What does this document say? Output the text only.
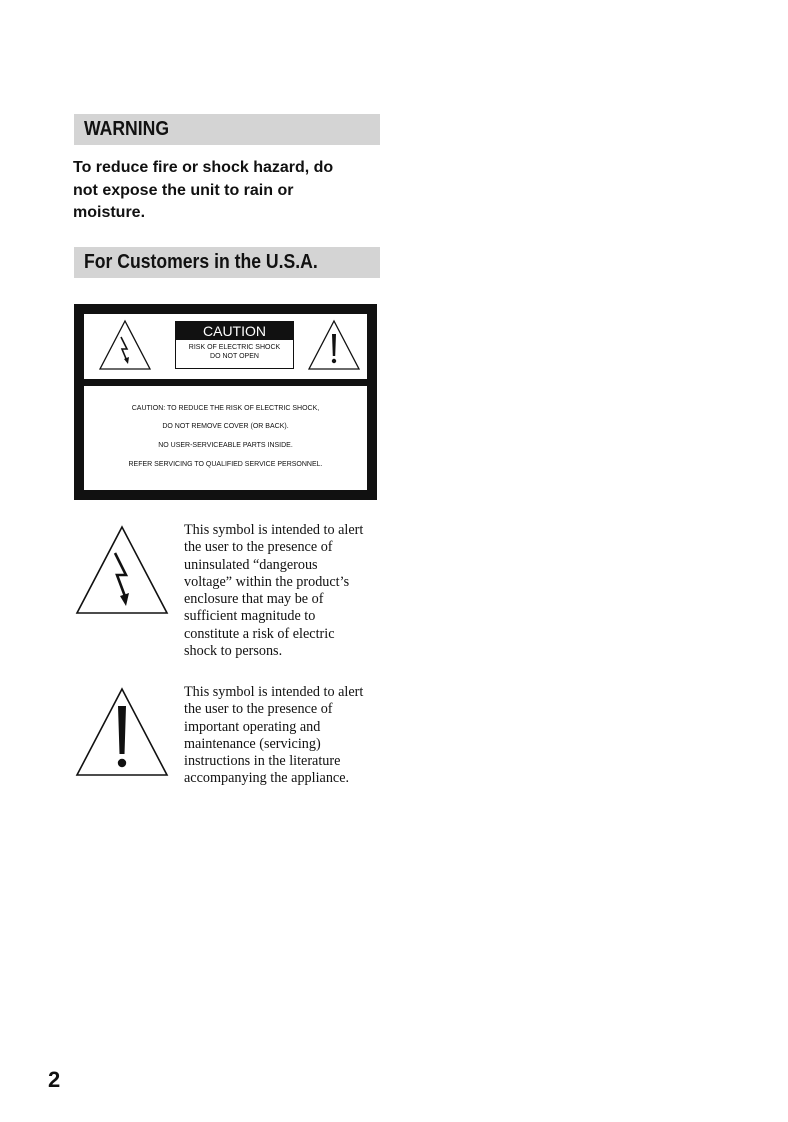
WARNING
To reduce fire or shock hazard, do
not expose the unit to rain or
moisture.
For Customers in the U.S.A.
CAUTION
RISK OF ELECTRIC SHOCK
DO NOT OPEN
CAUTION: TO REDUCE THE RISK OF ELECTRIC SHOCK,
DO NOT REMOVE COVER (OR BACK).
NO USER-SERVICEABLE PARTS INSIDE.
REFER SERVICING TO QUALIFIED SERVICE PERSONNEL.
This symbol is intended to alert
the user to the presence of
uninsulated “dangerous
voltage” within the product’s
enclosure that may be of
sufficient magnitude to
constitute a risk of electric
shock to persons.
This symbol is intended to alert
the user to the presence of
important operating and
maintenance (servicing)
instructions in the literature
accompanying the appliance.
2
